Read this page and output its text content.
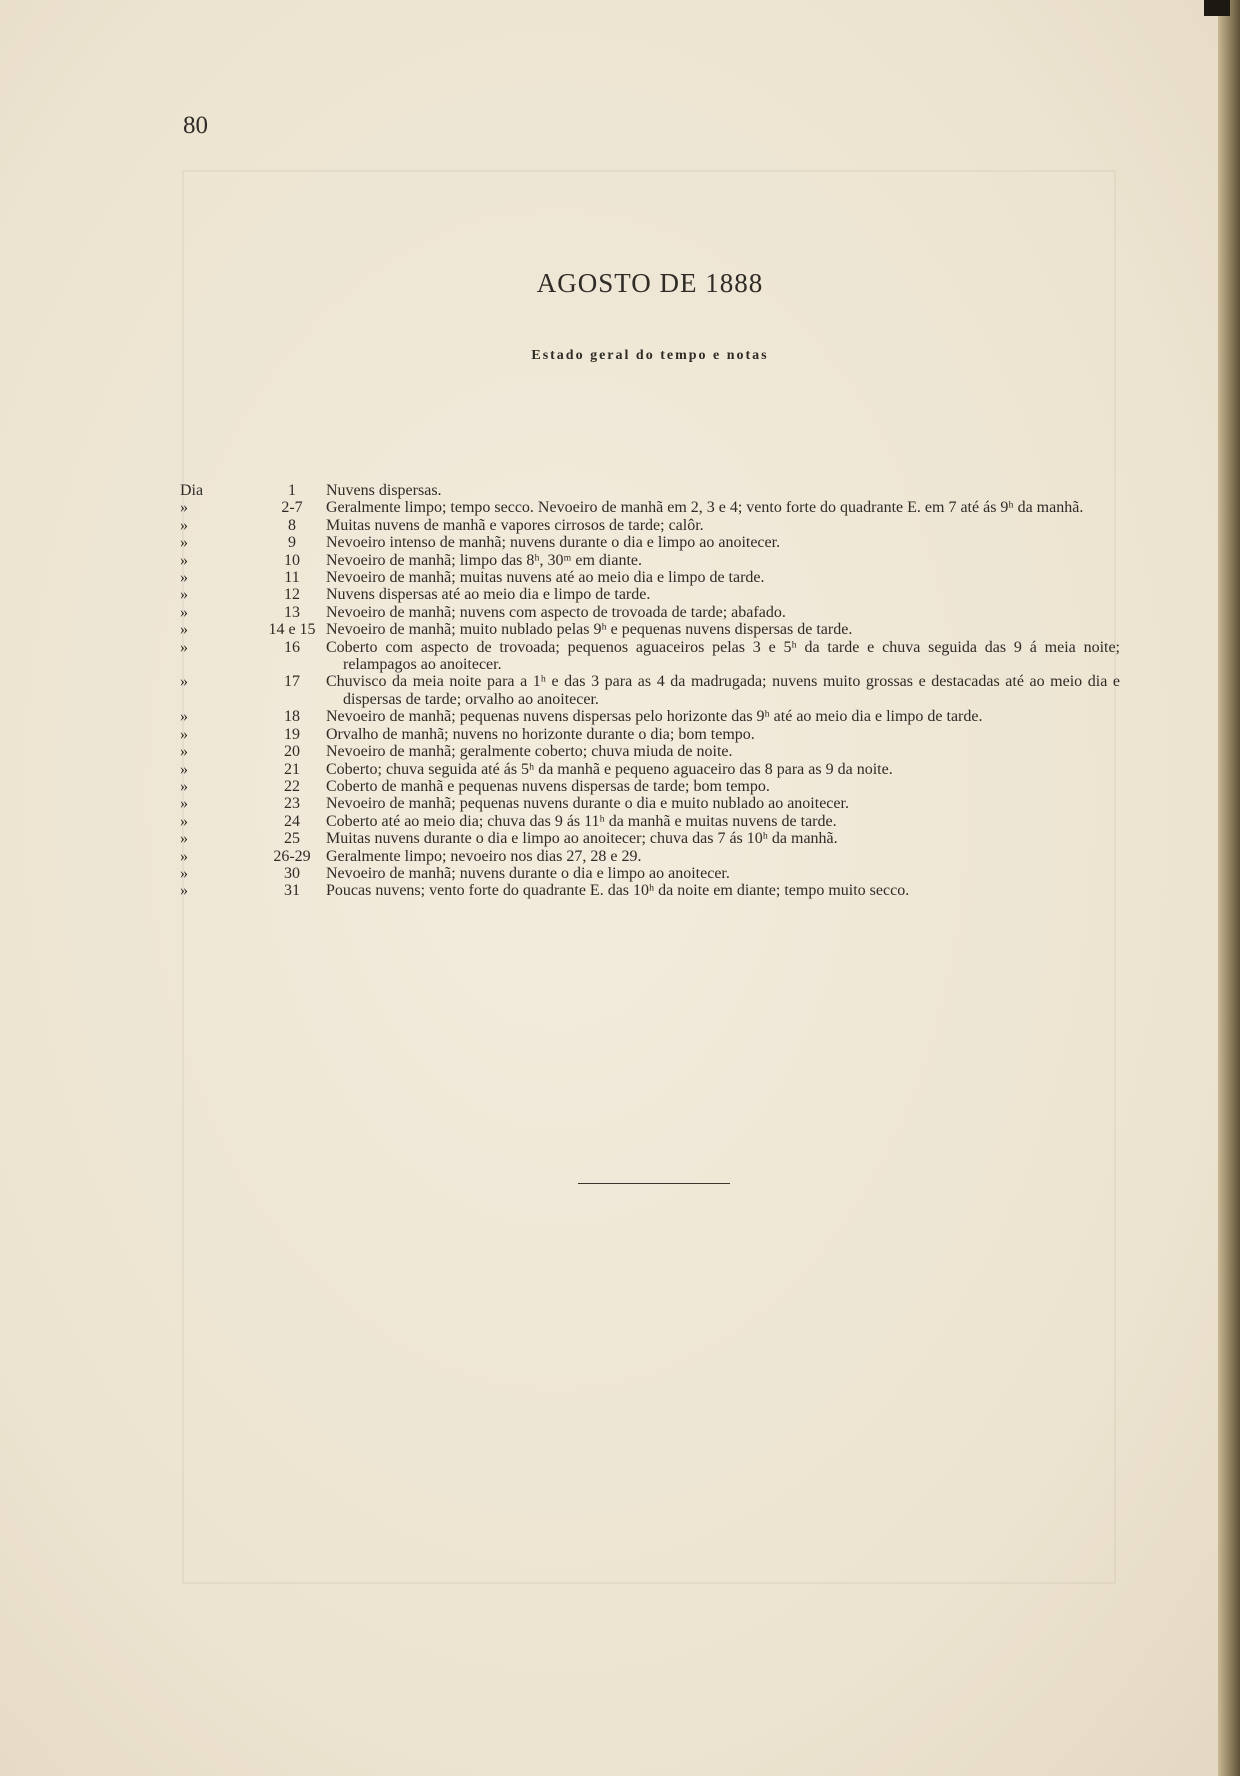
80
AGOSTO DE 1888
Estado geral do tempo e notas
Dia	1	Nuvens dispersas.
»	2-7	Geralmente limpo; tempo secco. Nevoeiro de manhã em 2, 3 e 4; vento forte do quadrante E. em 7 até ás 9ʰ da manhã.
»	8	Muitas nuvens de manhã e vapores cirrosos de tarde; calôr.
»	9	Nevoeiro intenso de manhã; nuvens durante o dia e limpo ao anoitecer.
»	10	Nevoeiro de manhã; limpo das 8ʰ, 30ᵐ em diante.
»	11	Nevoeiro de manhã; muitas nuvens até ao meio dia e limpo de tarde.
»	12	Nuvens dispersas até ao meio dia e limpo de tarde.
»	13	Nevoeiro de manhã; nuvens com aspecto de trovoada de tarde; abafado.
»	14 e 15 Nevoeiro de manhã; muito nublado pelas 9ʰ e pequenas nuvens dispersas de tarde.
»	16	Coberto com aspecto de trovoada; pequenos aguaceiros pelas 3 e 5ʰ da tarde e chuva seguida das 9 á meia noite; relampagos ao anoitecer.
»	17	Chuvisco da meia noite para a 1ʰ e das 3 para as 4 da madrugada; nuvens muito grossas e destacadas até ao meio dia e dispersas de tarde; orvalho ao anoitecer.
»	18	Nevoeiro de manhã; pequenas nuvens dispersas pelo horizonte das 9ʰ até ao meio dia e limpo de tarde.
»	19	Orvalho de manhã; nuvens no horizonte durante o dia; bom tempo.
»	20	Nevoeiro de manhã; geralmente coberto; chuva miuda de noite.
»	21	Coberto; chuva seguida até ás 5ʰ da manhã e pequeno aguaceiro das 8 para as 9 da noite.
»	22	Coberto de manhã e pequenas nuvens dispersas de tarde; bom tempo.
»	23	Nevoeiro de manhã; pequenas nuvens durante o dia e muito nublado ao anoitecer.
»	24	Coberto até ao meio dia; chuva das 9 ás 11ʰ da manhã e muitas nuvens de tarde.
»	25	Muitas nuvens durante o dia e limpo ao anoitecer; chuva das 7 ás 10ʰ da manhã.
»	26-29 Geralmente limpo; nevoeiro nos dias 27, 28 e 29.
»	30	Nevoeiro de manhã; nuvens durante o dia e limpo ao anoitecer.
»	31	Poucas nuvens; vento forte do quadrante E. das 10ʰ da noite em diante; tempo muito secco.
